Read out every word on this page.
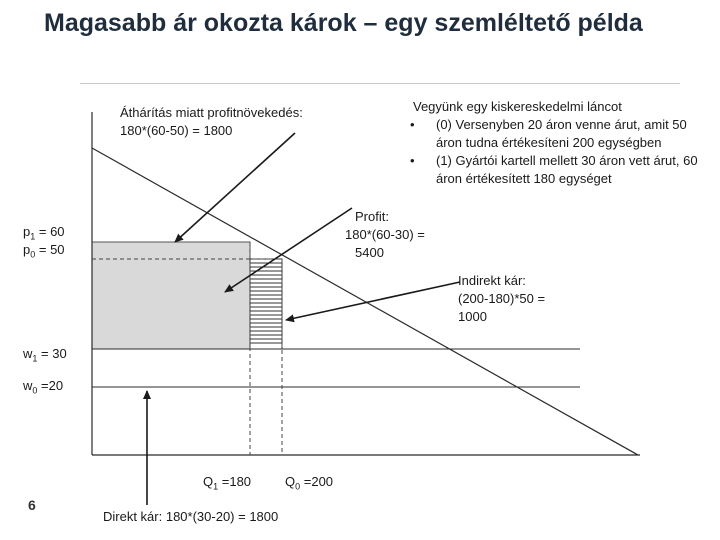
Magasabb ár okozta károk – egy szemléltető példa
$p_1 = 60$
$p_0 = 50$
$w_1 = 30$
$w_0 =20$
$Q_1 =180$	$Q_0 =200$
Áthárítás miatt profitnövekedés:
180*(60-50) = 1800
Vegyünk egy kiskereskedelmi láncot
• (0) Versenyben 20 áron venne árut, amit 50 áron tudna értékesíteni 200 egységben
• (1) Gyártói kartell mellett 30 áron vett árut, 60 áron értékesített 180 egységet
Profit:
180*(60-30) =
5400
Indirekt kár:
(200-180)*50 =
1000
Direkt kár: 180*(30-20) = 1800
6
